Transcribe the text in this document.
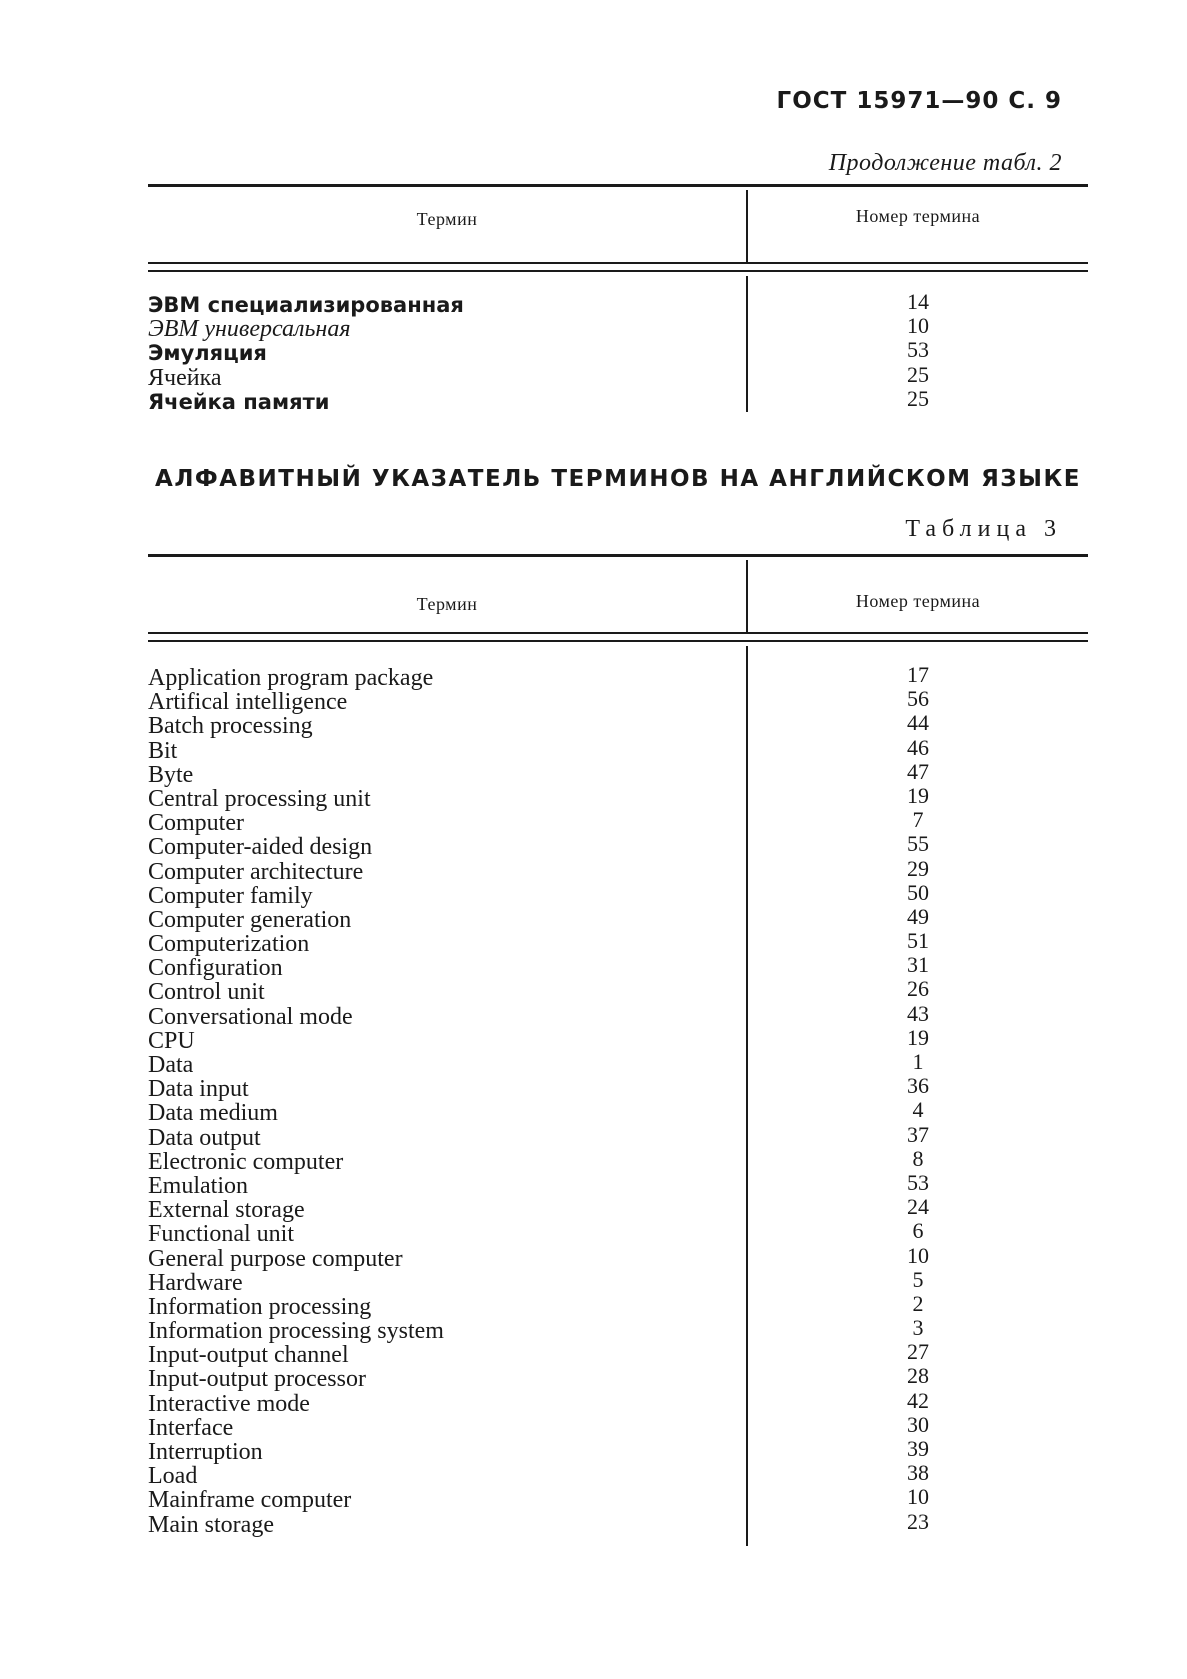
ГОСТ 15971—90 С. 9
Продолжение табл. 2
Термин	Номер термина
ЭВМ специализированная	14
ЭВМ универсальная	10
Эмуляция	53
Ячейка	25
Ячейка памяти	25
АЛФАВИТНЫЙ УКАЗАТЕЛЬ ТЕРМИНОВ НА АНГЛИЙСКОМ ЯЗЫКЕ
Таблица 3
Термин	Номер термина
Application program package	17
Artifical intelligence	56
Batch processing	44
Bit	46
Byte	47
Central processing unit	19
Computer	7
Computer-aided design	55
Computer architecture	29
Computer family	50
Computer generation	49
Computerization	51
Configuration	31
Control unit	26
Conversational mode	43
CPU	19
Data	1
Data input	36
Data medium	4
Data output	37
Electronic computer	8
Emulation	53
External storage	24
Functional unit	6
General purpose computer	10
Hardware	5
Information processing	2
Information processing system	3
Input-output channel	27
Input-output processor	28
Interactive mode	42
Interface	30
Interruption	39
Load	38
Mainframe computer	10
Main storage	23
